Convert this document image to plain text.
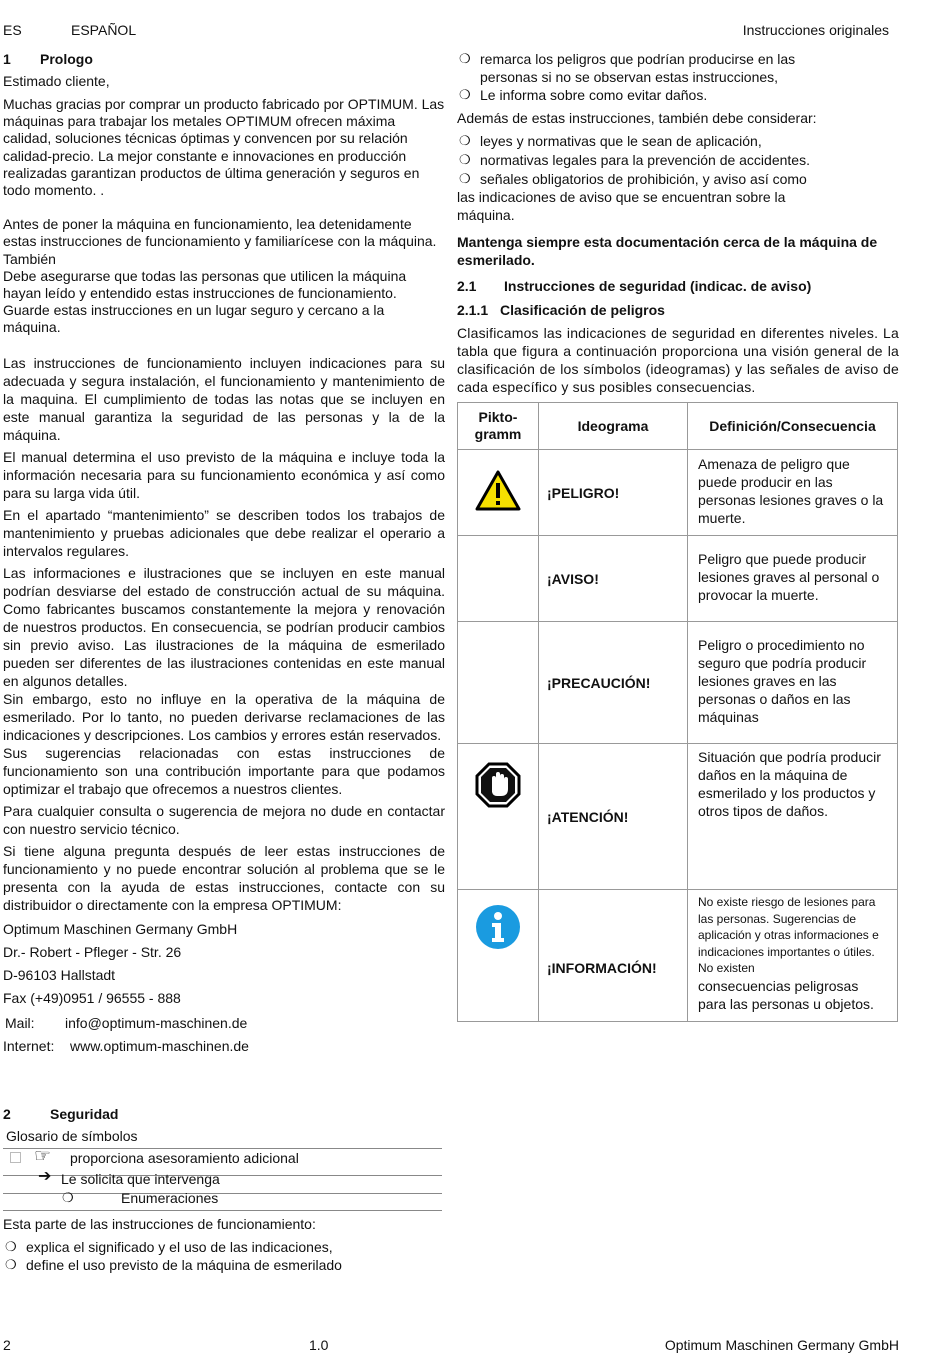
ES	ESPAÑOL	Instrucciones originales
1 Prologo

Estimado cliente,

Muchas gracias por comprar un producto fabricado por OPTIMUM. Las máquinas para trabajar los metales OPTIMUM ofrecen máxima calidad, soluciones técnicas óptimas y convencen por su relación calidad-precio. La mejor constante e innovaciones en producción realizadas garantizan productos de última generación y seguros en todo momento. .

Antes de poner la máquina en funcionamiento, lea detenidamente estas instrucciones de funcionamiento y familiarícese con la máquina. También

Debe asegurarse que todas las personas que utilicen la máquina hayan leído y entendido estas instrucciones de funcionamiento.

Guarde estas instrucciones en un lugar seguro y cercano a la máquina.

Las instrucciones de funcionamiento incluyen indicaciones para su adecuada y segura instalación, el funcionamiento y mantenimiento de la maquina. El cumplimiento de todas las notas que se incluyen en este manual garantiza la seguridad de las personas y la de la máquina.

El manual determina el uso previsto de la máquina e incluye toda la información necesaria para su funcionamiento económica y así como para su larga vida útil.

En el apartado “mantenimiento” se describen todos los trabajos de mantenimiento y pruebas adicionales que debe realizar el operario a intervalos regulares.

Las informaciones e ilustraciones que se incluyen en este manual podrían desviarse del estado de construcción actual de su máquina. Como fabricantes buscamos constantemente la mejora y renovación de nuestros productos. En consecuencia, se podrían producir cambios sin previo aviso. Las ilustraciones de la máquina de esmerilado pueden ser diferentes de las ilustraciones contenidas en este manual en algunos detalles.

Sin embargo, esto no influye en la operativa de la máquina de esmerilado. Por lo tanto, no pueden derivarse reclamaciones de las indicaciones y descripciones. Los cambios y errores están reservados.

Sus sugerencias relacionadas con estas instrucciones de funcionamiento son una contribución importante para que podamos optimizar el trabajo que ofrecemos a nuestros clientes.

Para cualquier consulta o sugerencia de mejora no dude en contactar con nuestro servicio técnico.

Si tiene alguna pregunta después de leer estas instrucciones de funcionamiento y no puede encontrar solución al problema que se le presenta con la ayuda de estas instrucciones, contacte con su distribuidor o directamente con la empresa OPTIMUM:

Optimum Maschinen Germany GmbH

Dr.- Robert - Pfleger - Str. 26

D-96103 Hallstadt

Fax (+49)0951 / 96555 - 888

Mail: info@optimum-maschinen.de

Internet: www.optimum-maschinen.de

2	Seguridad
Glosario de símbolos
☞ proporciona asesoramiento adicional
➔ Le solicita que intervenga
❍	Enumeraciones
Esta parte de las instrucciones de funcionamiento:
❍ explica el significado y el uso de las indicaciones,
❍ define el uso previsto de la máquina de esmerilado
❍ remarca los peligros que podrían producirse en las personas si no se observan estas instrucciones,
❍ Le informa sobre como evitar daños.

Además de estas instrucciones, también debe considerar:

❍ leyes y normativas que le sean de aplicación,
❍ normativas legales para la prevención de accidentes.
❍ señales obligatorios de prohibición, y aviso así como

las indicaciones de aviso que se encuentran sobre la máquina.

Mantenga siempre esta documentación cerca de la máquina de esmerilado.

2.1 Instrucciones de seguridad (indicac. de aviso)
2.1.1 Clasificación de peligros

Clasificamos las indicaciones de seguridad en diferentes niveles. La tabla que figura a continuación proporciona una visión general de la clasificación de los símbolos (ideogramas) y las señales de aviso de cada específico y sus posibles consecuencias.

Pikto-gramm	Ideograma	Definición/Consecuencia
	¡PELIGRO!	Amenaza de peligro que puede producir en las personas lesiones graves o la muerte.
	¡AVISO!	Peligro que puede producir lesiones graves al personal o provocar la muerte.
	¡PRECAUCIÓN!	Peligro o procedimiento no seguro que podría producir lesiones graves en las personas o daños en las máquinas
	¡ATENCIÓN!	Situación que podría producir daños en la máquina de esmerilado y los productos y otros tipos de daños.
	¡INFORMACIÓN!	No existe riesgo de lesiones para las personas. Sugerencias de aplicación y otras informaciones e indicaciones importantes o útiles. No existen
consecuencias peligrosas para las personas u objetos.
2	1.0	Optimum Maschinen Germany GmbH
